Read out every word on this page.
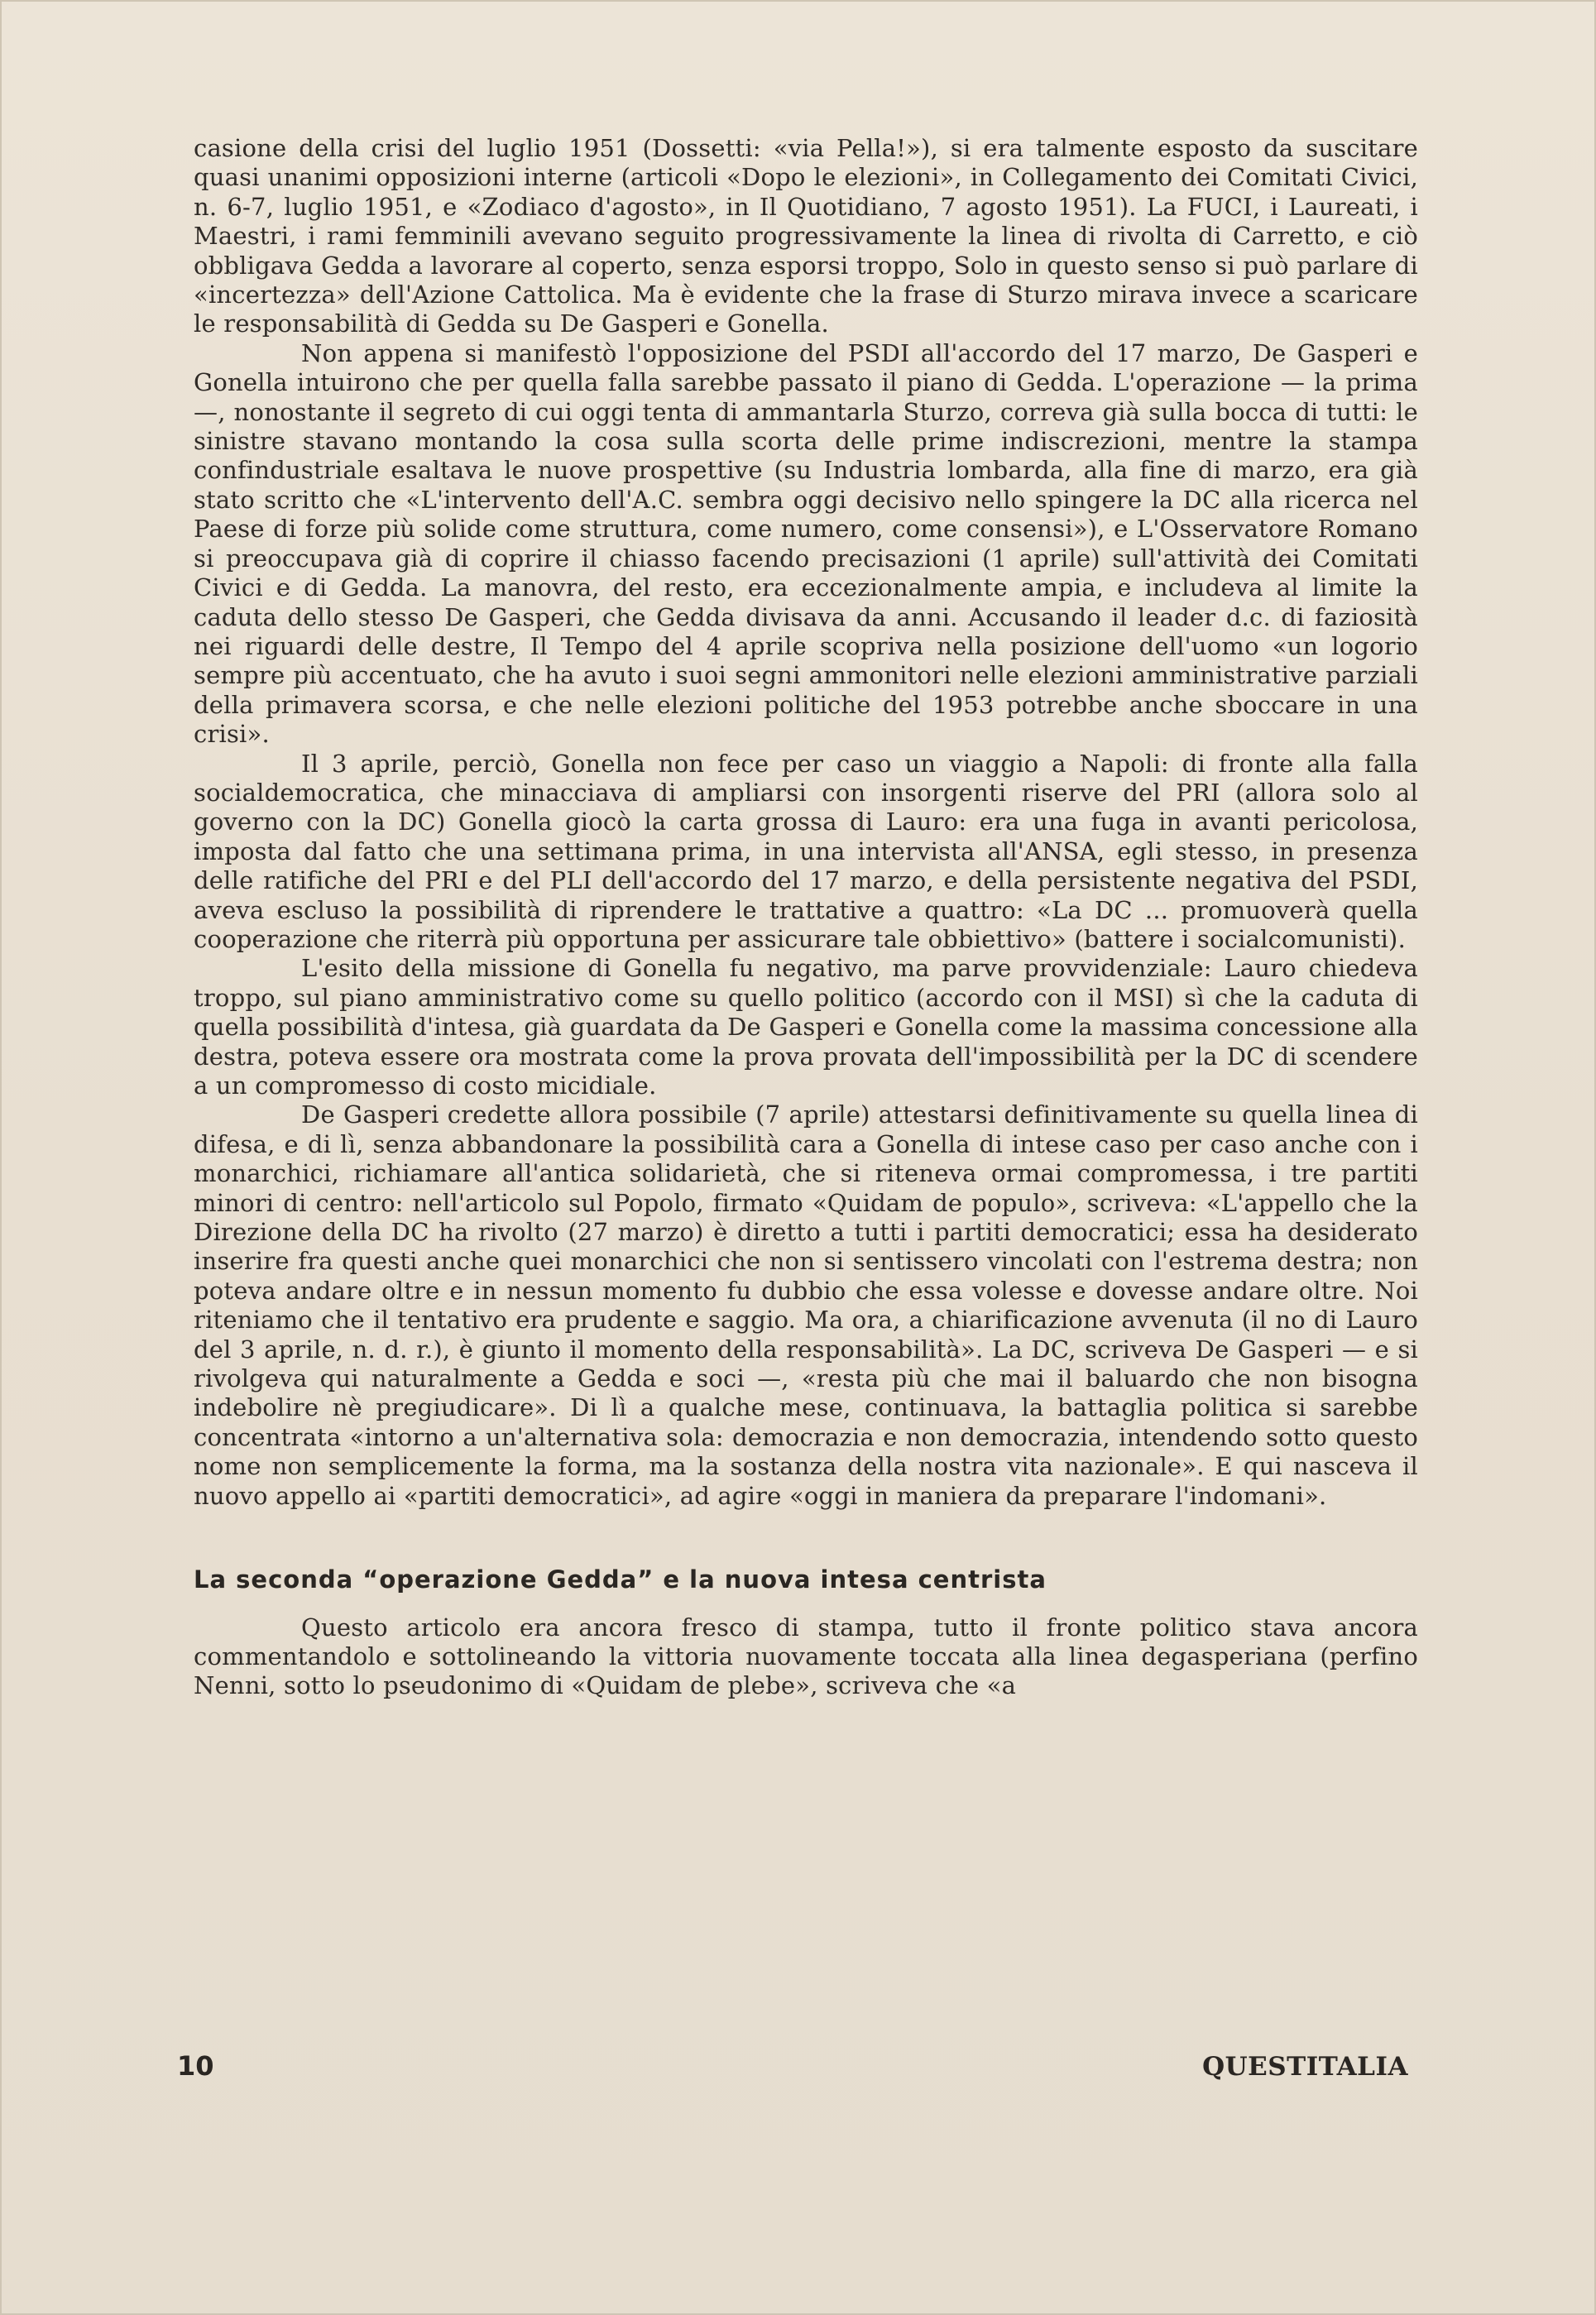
casione della crisi del luglio 1951 (Dossetti: «via Pella!»), si era talmente esposto da suscitare quasi unanimi opposizioni interne (articoli «Dopo le elezioni», in Collegamento dei Comitati Civici, n. 6-7, luglio 1951, e «Zodiaco d'agosto», in Il Quotidiano, 7 agosto 1951). La FUCI, i Laureati, i Maestri, i rami femminili avevano seguito progressivamente la linea di rivolta di Carretto, e ciò obbligava Gedda a lavorare al coperto, senza esporsi troppo, Solo in questo senso si può parlare di «incertezza» dell'Azione Cattolica. Ma è evidente che la frase di Sturzo mirava invece a scaricare le responsabilità di Gedda su De Gasperi e Gonella.

Non appena si manifestò l'opposizione del PSDI all'accordo del 17 marzo, De Gasperi e Gonella intuirono che per quella falla sarebbe passato il piano di Gedda. L'operazione — la prima —, nonostante il segreto di cui oggi tenta di ammantarla Sturzo, correva già sulla bocca di tutti: le sinistre stavano montando la cosa sulla scorta delle prime indiscrezioni, mentre la stampa confindustriale esaltava le nuove prospettive (su Industria lombarda, alla fine di marzo, era già stato scritto che «L'intervento dell'A.C. sembra oggi decisivo nello spingere la DC alla ricerca nel Paese di forze più solide come struttura, come numero, come consensi»), e L'Osservatore Romano si preoccupava già di coprire il chiasso facendo precisazioni (1 aprile) sull'attività dei Comitati Civici e di Gedda. La manovra, del resto, era eccezionalmente ampia, e includeva al limite la caduta dello stesso De Gasperi, che Gedda divisava da anni. Accusando il leader d.c. di faziosità nei riguardi delle destre, Il Tempo del 4 aprile scopriva nella posizione dell'uomo «un logorio sempre più accentuato, che ha avuto i suoi segni ammonitori nelle elezioni amministrative parziali della primavera scorsa, e che nelle elezioni politiche del 1953 potrebbe anche sboccare in una crisi».

Il 3 aprile, perciò, Gonella non fece per caso un viaggio a Napoli: di fronte alla falla socialdemocratica, che minacciava di ampliarsi con insorgenti riserve del PRI (allora solo al governo con la DC) Gonella giocò la carta grossa di Lauro: era una fuga in avanti pericolosa, imposta dal fatto che una settimana prima, in una intervista all'ANSA, egli stesso, in presenza delle ratifiche del PRI e del PLI dell'accordo del 17 marzo, e della persistente negativa del PSDI, aveva escluso la possibilità di riprendere le trattative a quattro: «La DC ... promuoverà quella cooperazione che riterrà più opportuna per assicurare tale obbiettivo» (battere i socialcomunisti).

L'esito della missione di Gonella fu negativo, ma parve provvidenziale: Lauro chiedeva troppo, sul piano amministrativo come su quello politico (accordo con il MSI) sì che la caduta di quella possibilità d'intesa, già guardata da De Gasperi e Gonella come la massima concessione alla destra, poteva essere ora mostrata come la prova provata dell'impossibilità per la DC di scendere a un compromesso di costo micidiale.

De Gasperi credette allora possibile (7 aprile) attestarsi definitivamente su quella linea di difesa, e di lì, senza abbandonare la possibilità cara a Gonella di intese caso per caso anche con i monarchici, richiamare all'antica solidarietà, che si riteneva ormai compromessa, i tre partiti minori di centro: nell'articolo sul Popolo, firmato «Quidam de populo», scriveva: «L'appello che la Direzione della DC ha rivolto (27 marzo) è diretto a tutti i partiti democratici; essa ha desiderato inserire fra questi anche quei monarchici che non si sentissero vincolati con l'estrema destra; non poteva andare oltre e in nessun momento fu dubbio che essa volesse e dovesse andare oltre. Noi riteniamo che il tentativo era prudente e saggio. Ma ora, a chiarificazione avvenuta (il no di Lauro del 3 aprile, n. d. r.), è giunto il momento della responsabilità». La DC, scriveva De Gasperi — e si rivolgeva qui naturalmente a Gedda e soci —, «resta più che mai il baluardo che non bisogna indebolire nè pregiudicare». Di lì a qualche mese, continuava, la battaglia politica si sarebbe concentrata «intorno a un'alternativa sola: democrazia e non democrazia, intendendo sotto questo nome non semplicemente la forma, ma la sostanza della nostra vita nazionale». E qui nasceva il nuovo appello ai «partiti democratici», ad agire «oggi in maniera da preparare l'indomani».

La seconda “operazione Gedda” e la nuova intesa centrista

Questo articolo era ancora fresco di stampa, tutto il fronte politico stava ancora commentandolo e sottolineando la vittoria nuovamente toccata alla linea degasperiana (perfino Nenni, sotto lo pseudonimo di «Quidam de plebe», scriveva che «a

10	QUESTITALIA
